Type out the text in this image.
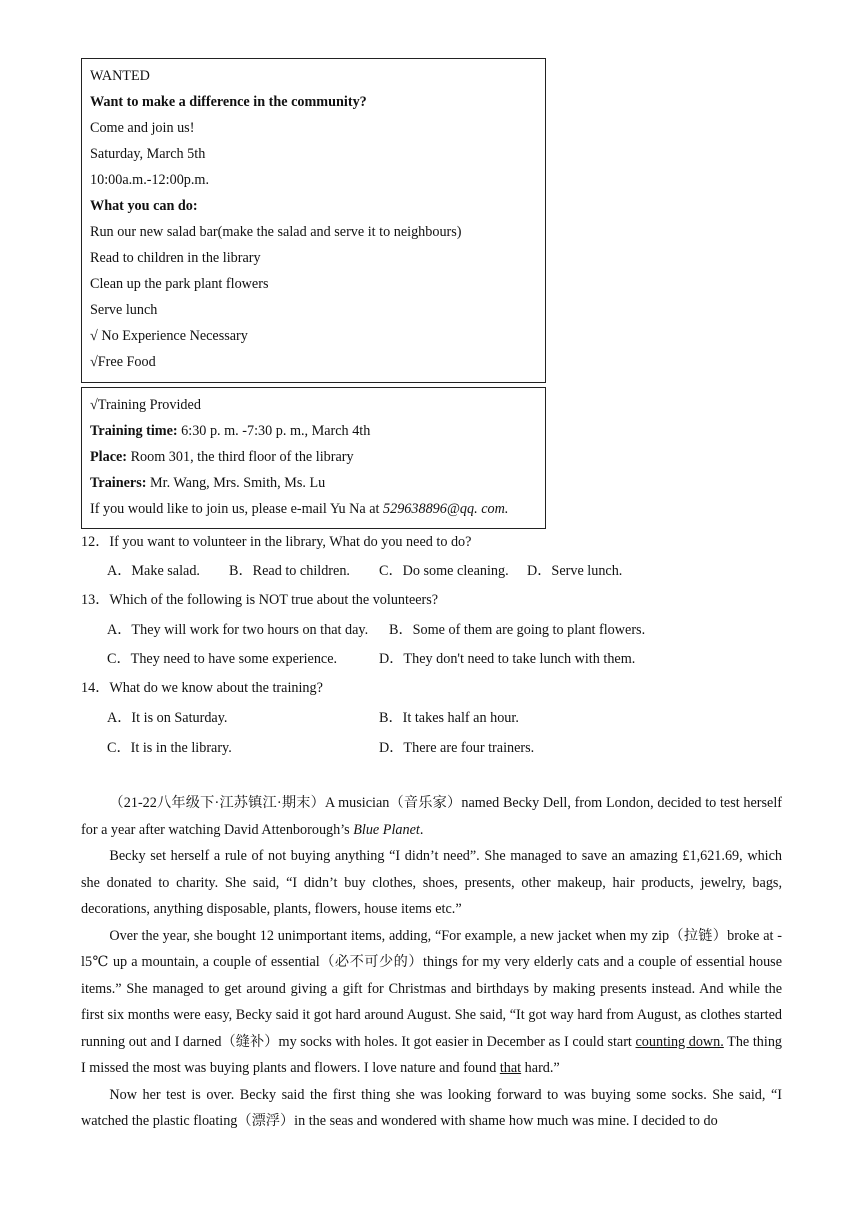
WANTED
Want to make a difference in the community?
Come and join us!
Saturday, March 5th
10:00a.m.-12:00p.m.
What you can do:
Run our new salad bar(make the salad and serve it to neighbours)
Read to children in the library
Clean up the park plant flowers
Serve lunch
√ No Experience Necessary
√Free Food
√Training Provided
Training time: 6:30 p. m. -7:30 p. m., March 4th
Place: Room 301, the third floor of the library
Trainers: Mr. Wang, Mrs. Smith, Ms. Lu
If you would like to join us, please e-mail Yu Na at 529638896@qq. com.
12．If you want to volunteer in the library, What do you need to do?
A．Make salad. B．Read to children. C．Do some cleaning. D．Serve lunch.
13．Which of the following is NOT true about the volunteers?
A．They will work for two hours on that day. B．Some of them are going to plant flowers.
C．They need to have some experience.	D．They don't need to take lunch with them.
14．What do we know about the training?
A．It is on Saturday.	B．It takes half an hour.
C．It is in the library.	D．There are four trainers.

（21-22八年级下·江苏镇江·期末）A musician（音乐家）named Becky Dell, from London, decided to test herself for a year after watching David Attenborough’s Blue Planet.

Becky set herself a rule of not buying anything “I didn’t need”. She managed to save an amazing £1,621.69, which she donated to charity. She said, “I didn’t buy clothes, shoes, presents, other makeup, hair products, jewelry, bags, decorations, anything disposable, plants, flowers, house items etc.”

Over the year, she bought 12 unimportant items, adding, “For example, a new jacket when my zip（拉链）broke at -l5℃ up a mountain, a couple of essential（必不可少的）things for my very elderly cats and a couple of essential house items.” She managed to get around giving a gift for Christmas and birthdays by making presents instead. And while the first six months were easy, Becky said it got hard around August. She said, “It got way hard from August, as clothes started running out and I darned（缝补）my socks with holes. It got easier in December as I could start counting down. The thing I missed the most was buying plants and flowers. I love nature and found that hard.”

Now her test is over. Becky said the first thing she was looking forward to was buying some socks. She said, “I watched the plastic floating（漂浮）in the seas and wondered with shame how much was mine. I decided to do
